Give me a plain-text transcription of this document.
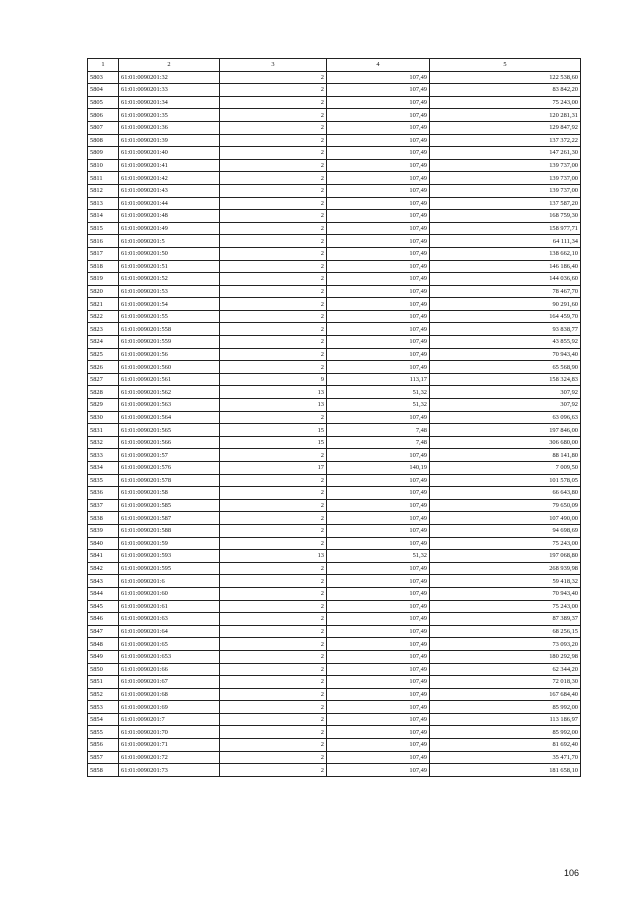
1	2	3	4	5
5803	61:01:0090201:32	2	107,49	122 538,60
5804	61:01:0090201:33	2	107,49	83 842,20
5805	61:01:0090201:34	2	107,49	75 243,00
5806	61:01:0090201:35	2	107,49	120 281,31
5807	61:01:0090201:36	2	107,49	129 847,92
5808	61:01:0090201:39	2	107,49	137 372,22
5809	61:01:0090201:40	2	107,49	147 261,30
5810	61:01:0090201:41	2	107,49	139 737,00
5811	61:01:0090201:42	2	107,49	139 737,00
5812	61:01:0090201:43	2	107,49	139 737,00
5813	61:01:0090201:44	2	107,49	137 587,20
5814	61:01:0090201:48	2	107,49	168 759,30
5815	61:01:0090201:49	2	107,49	158 977,71
5816	61:01:0090201:5	2	107,49	64 111,34
5817	61:01:0090201:50	2	107,49	138 662,10
5818	61:01:0090201:51	2	107,49	146 186,40
5819	61:01:0090201:52	2	107,49	144 036,60
5820	61:01:0090201:53	2	107,49	78 467,70
5821	61:01:0090201:54	2	107,49	90 291,60
5822	61:01:0090201:55	2	107,49	164 459,70
5823	61:01:0090201:558	2	107,49	93 838,77
5824	61:01:0090201:559	2	107,49	43 855,92
5825	61:01:0090201:56	2	107,49	70 943,40
5826	61:01:0090201:560	2	107,49	65 568,90
5827	61:01:0090201:561	9	113,17	158 324,83
5828	61:01:0090201:562	13	51,32	307,92
5829	61:01:0090201:563	13	51,32	307,92
5830	61:01:0090201:564	2	107,49	63 096,63
5831	61:01:0090201:565	15	7,48	197 846,00
5832	61:01:0090201:566	15	7,48	306 680,00
5833	61:01:0090201:57	2	107,49	88 141,80
5834	61:01:0090201:576	17	140,19	7 009,50
5835	61:01:0090201:578	2	107,49	101 578,05
5836	61:01:0090201:58	2	107,49	66 643,80
5837	61:01:0090201:585	2	107,49	79 650,09
5838	61:01:0090201:587	2	107,49	107 490,00
5839	61:01:0090201:588	2	107,49	94 698,69
5840	61:01:0090201:59	2	107,49	75 243,00
5841	61:01:0090201:593	13	51,32	197 068,80
5842	61:01:0090201:595	2	107,49	268 939,98
5843	61:01:0090201:6	2	107,49	59 418,32
5844	61:01:0090201:60	2	107,49	70 943,40
5845	61:01:0090201:61	2	107,49	75 243,00
5846	61:01:0090201:63	2	107,49	87 389,37
5847	61:01:0090201:64	2	107,49	68 256,15
5848	61:01:0090201:65	2	107,49	73 093,20
5849	61:01:0090201:653	2	107,49	180 292,98
5850	61:01:0090201:66	2	107,49	62 344,20
5851	61:01:0090201:67	2	107,49	72 018,30
5852	61:01:0090201:68	2	107,49	167 684,40
5853	61:01:0090201:69	2	107,49	85 992,00
5854	61:01:0090201:7	2	107,49	113 186,97
5855	61:01:0090201:70	2	107,49	85 992,00
5856	61:01:0090201:71	2	107,49	81 692,40
5857	61:01:0090201:72	2	107,49	35 471,70
5858	61:01:0090201:73	2	107,49	181 658,10
106
